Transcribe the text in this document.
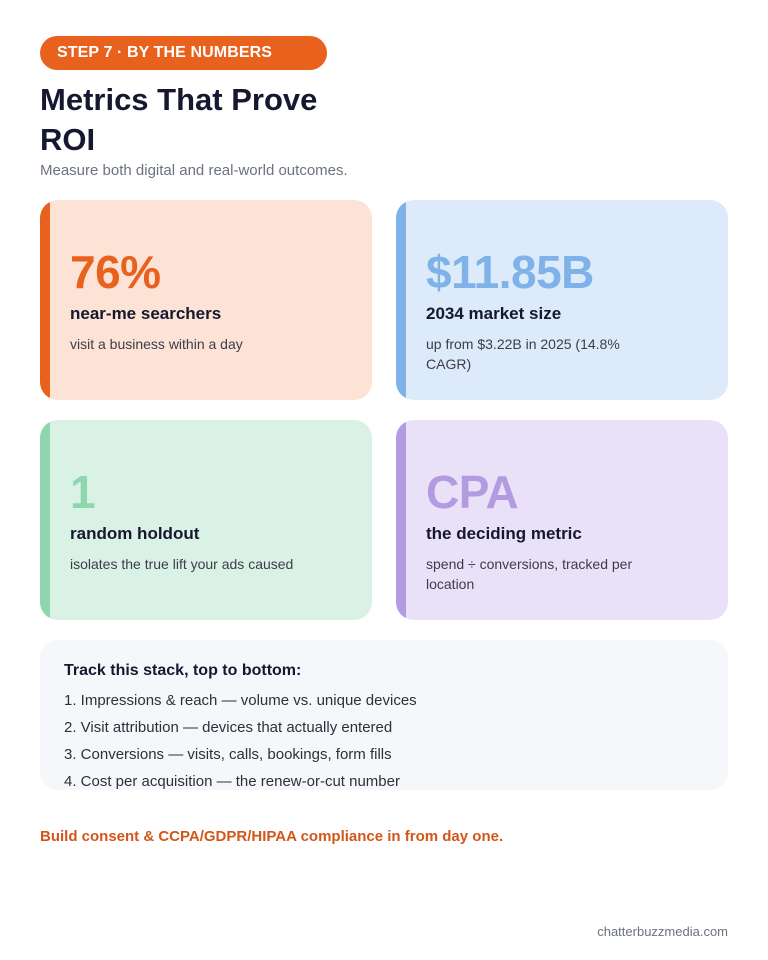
STEP 7 · BY THE NUMBERS
Metrics That Prove ROI

Measure both digital and real-world outcomes.

76%
near-me searchers
visit a business within a day
$11.85B
2034 market size
up from $3.22B in 2025 (14.8% CAGR)
1
random holdout
isolates the true lift your ads caused
CPA
the deciding metric
spend ÷ conversions, tracked per location
Track this stack, top to bottom:
1. Impressions & reach — volume vs. unique devices
2. Visit attribution — devices that actually entered
3. Conversions — visits, calls, bookings, form fills
4. Cost per acquisition — the renew-or-cut number

Build consent & CCPA/GDPR/HIPAA compliance in from day one.

chatterbuzzmedia.com
